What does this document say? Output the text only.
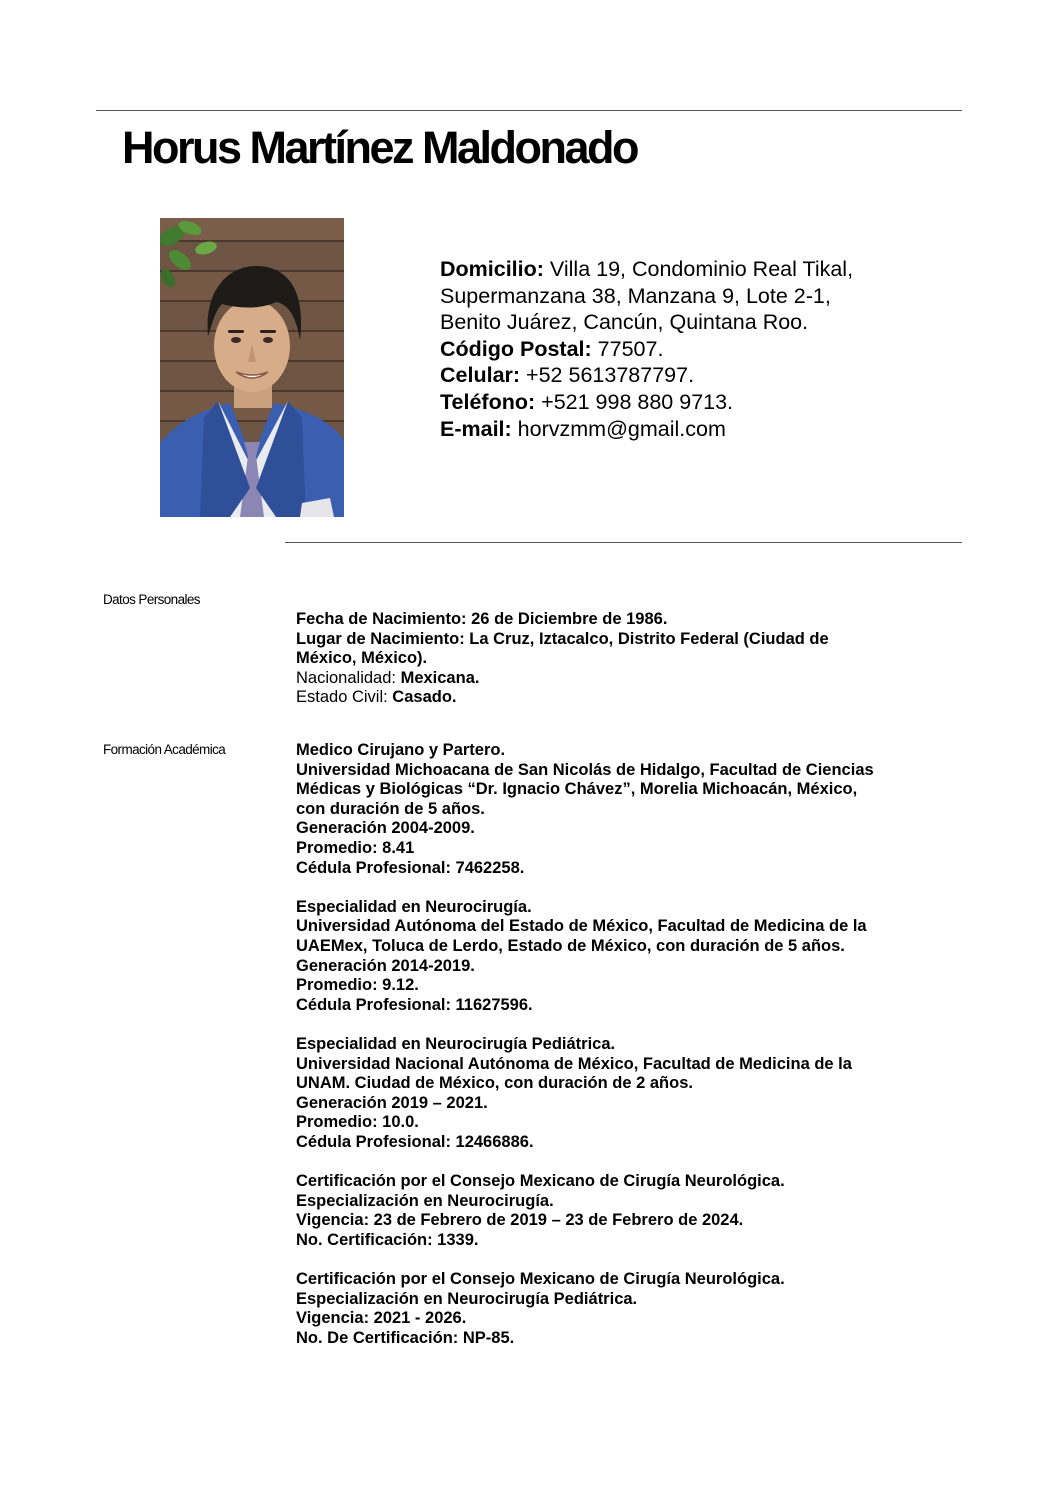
Horus Martínez Maldonado
Domicilio: Villa 19, Condominio Real Tikal, Supermanzana 38, Manzana 9, Lote 2-1, Benito Juárez, Cancún, Quintana Roo.
Código Postal: 77507.
Celular: +52 5613787797.
Teléfono: +521 998 880 9713.
E-mail: horvzmm@gmail.com
Datos Personales

Fecha de Nacimiento: 26 de Diciembre de 1986.

Lugar de Nacimiento: La Cruz, Iztacalco, Distrito Federal (Ciudad de México, México).

Nacionalidad: Mexicana.

Estado Civil: Casado.

Formación Académica	Medico Cirujano y Partero.

Universidad Michoacana de San Nicolás de Hidalgo, Facultad de Ciencias Médicas y Biológicas “Dr. Ignacio Chávez”, Morelia Michoacán, México, con duración de 5 años.

Generación 2004-2009.

Promedio: 8.41

Cédula Profesional: 7462258.

Especialidad en Neurocirugía.

Universidad Autónoma del Estado de México, Facultad de Medicina de la UAEMex, Toluca de Lerdo, Estado de México, con duración de 5 años.

Generación 2014-2019.

Promedio: 9.12.

Cédula Profesional: 11627596.

Especialidad en Neurocirugía Pediátrica.

Universidad Nacional Autónoma de México, Facultad de Medicina de la UNAM. Ciudad de México, con duración de 2 años.

Generación 2019 – 2021.

Promedio: 10.0.

Cédula Profesional: 12466886.

Certificación por el Consejo Mexicano de Cirugía Neurológica.

Especialización en Neurocirugía.

Vigencia: 23 de Febrero de 2019 – 23 de Febrero de 2024.

No. Certificación: 1339.

Certificación por el Consejo Mexicano de Cirugía Neurológica.

Especialización en Neurocirugía Pediátrica.

Vigencia: 2021 - 2026.

No. De Certificación: NP-85.
